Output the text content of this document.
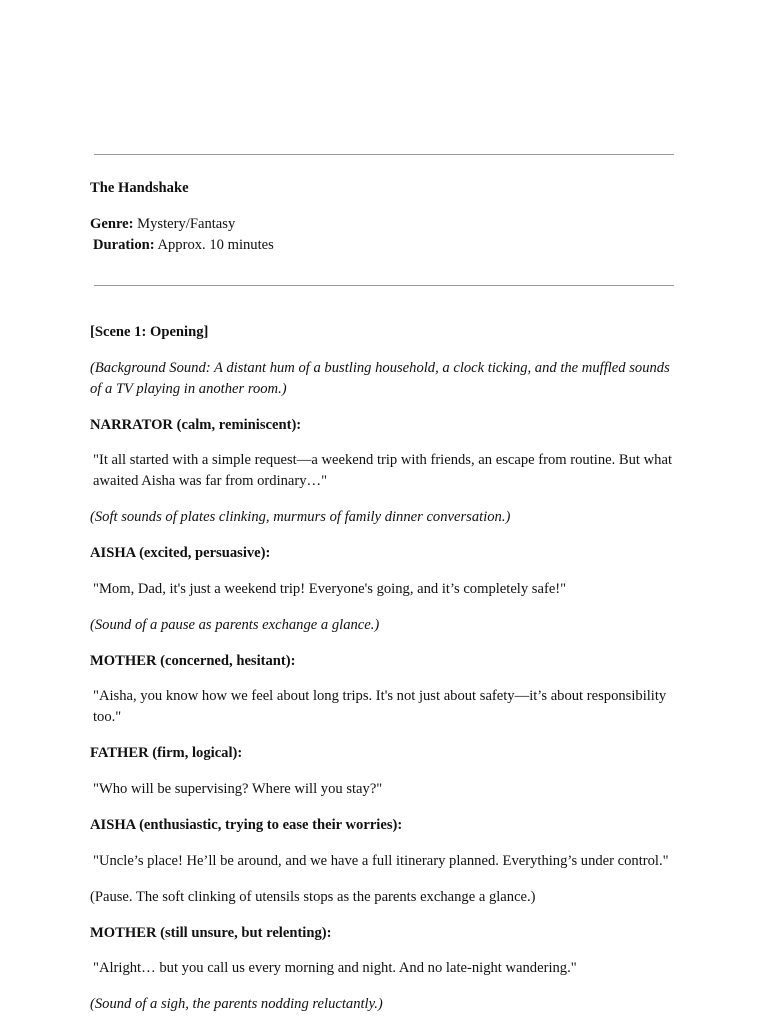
The Handshake

Genre: Mystery/Fantasy

Duration: Approx. 10 minutes

[Scene 1: Opening]

(Background Sound: A distant hum of a bustling household, a clock ticking, and the muffled sounds of a TV playing in another room.)

NARRATOR (calm, reminiscent):

"It all started with a simple request—a weekend trip with friends, an escape from routine. But what awaited Aisha was far from ordinary…"

(Soft sounds of plates clinking, murmurs of family dinner conversation.)

AISHA (excited, persuasive):

"Mom, Dad, it's just a weekend trip! Everyone's going, and it’s completely safe!"

(Sound of a pause as parents exchange a glance.)

MOTHER (concerned, hesitant):

"Aisha, you know how we feel about long trips. It's not just about safety—it’s about responsibility too."

FATHER (firm, logical):

"Who will be supervising? Where will you stay?"

AISHA (enthusiastic, trying to ease their worries):

"Uncle’s place! He’ll be around, and we have a full itinerary planned. Everything’s under control."

(Pause. The soft clinking of utensils stops as the parents exchange a glance.)

MOTHER (still unsure, but relenting):

"Alright… but you call us every morning and night. And no late-night wandering."

(Sound of a sigh, the parents nodding reluctantly.)
